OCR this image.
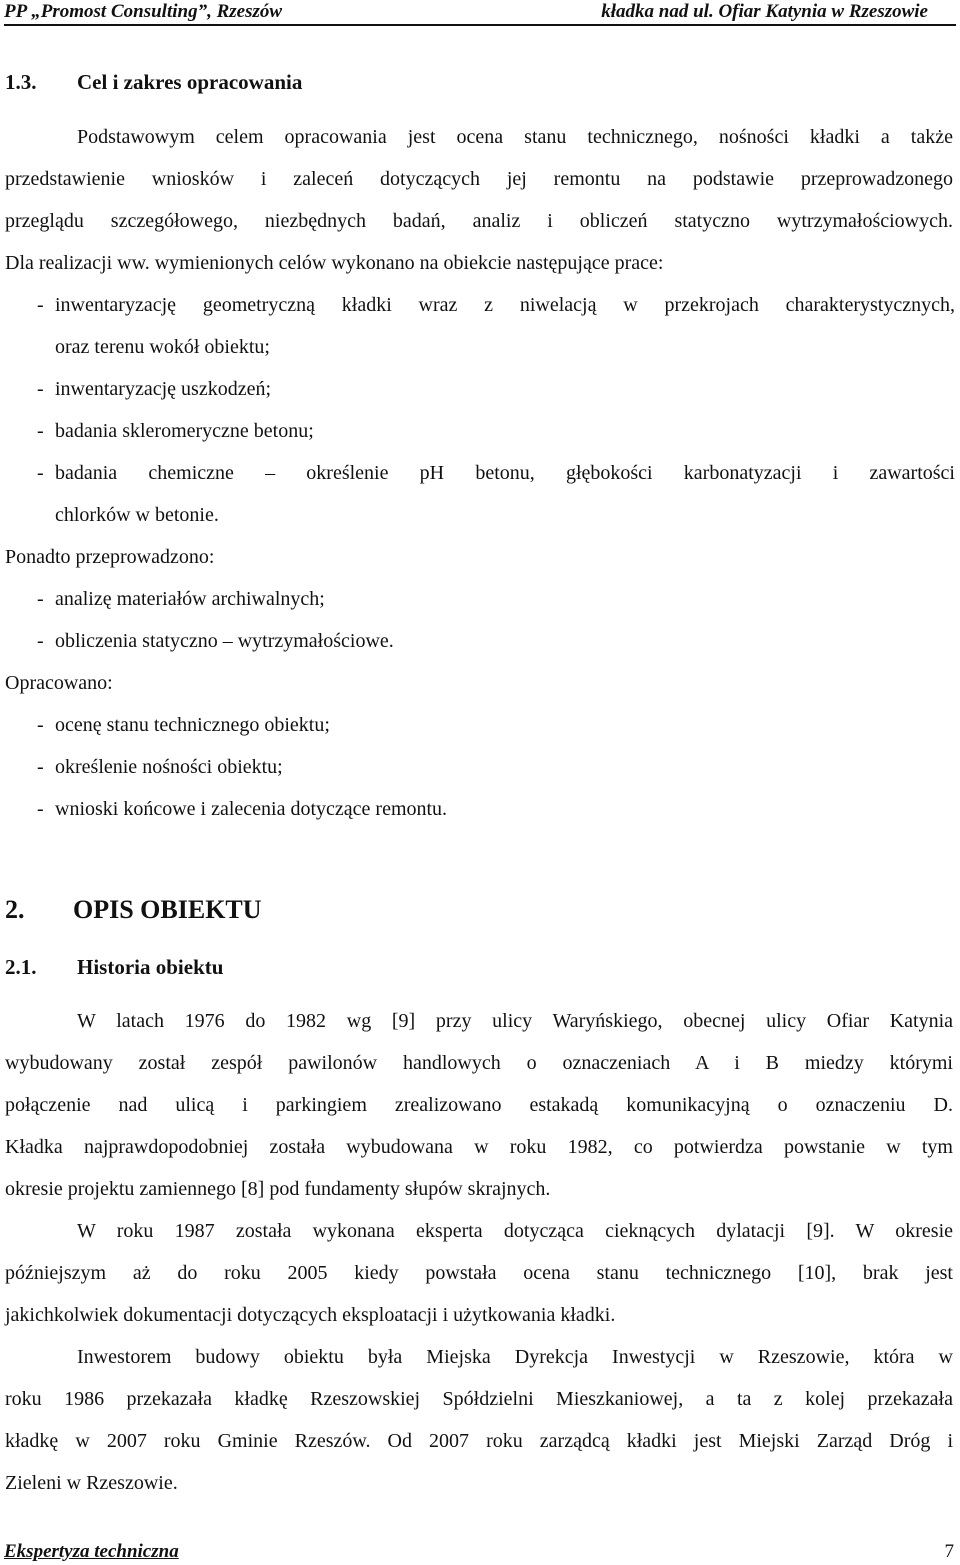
PP „Promost Consulting”, Rzeszów	kładka nad ul. Ofiar Katynia w Rzeszowie
1.3. Cel i zakres opracowania
Podstawowym celem opracowania jest ocena stanu technicznego, nośności kładki a także
przedstawienie wniosków i zaleceń dotyczących jej remontu na podstawie przeprowadzonego
przeglądu szczegółowego, niezbędnych badań, analiz i obliczeń statyczno wytrzymałościowych.
Dla realizacji ww. wymienionych celów wykonano na obiekcie następujące prace:
- inwentaryzację geometryczną kładki wraz z niwelacją w przekrojach charakterystycznych,
oraz terenu wokół obiektu;
- inwentaryzację uszkodzeń;
- badania skleromeryczne betonu;
- badania chemiczne – określenie pH betonu, głębokości karbonatyzacji i zawartości
chlorków w betonie.
Ponadto przeprowadzono:
- analizę materiałów archiwalnych;
- obliczenia statyczno – wytrzymałościowe.
Opracowano:
- ocenę stanu technicznego obiektu;
- określenie nośności obiektu;
- wnioski końcowe i zalecenia dotyczące remontu.
2. OPIS OBIEKTU
2.1. Historia obiektu
W latach 1976 do 1982 wg [9] przy ulicy Waryńskiego, obecnej ulicy Ofiar Katynia
wybudowany został zespół pawilonów handlowych o oznaczeniach A i B miedzy którymi
połączenie nad ulicą i parkingiem zrealizowano estakadą komunikacyjną o oznaczeniu D.
Kładka najprawdopodobniej została wybudowana w roku 1982, co potwierdza powstanie w tym
okresie projektu zamiennego [8] pod fundamenty słupów skrajnych.
W roku 1987 została wykonana eksperta dotycząca cieknących dylatacji [9]. W okresie
późniejszym aż do roku 2005 kiedy powstała ocena stanu technicznego [10], brak jest
jakichkolwiek dokumentacji dotyczących eksploatacji i użytkowania kładki.
Inwestorem budowy obiektu była Miejska Dyrekcja Inwestycji w Rzeszowie, która w
roku 1986 przekazała kładkę Rzeszowskiej Spółdzielni Mieszkaniowej, a ta z kolej przekazała
kładkę w 2007 roku Gminie Rzeszów. Od 2007 roku zarządcą kładki jest Miejski Zarząd Dróg i
Zieleni w Rzeszowie.
Ekspertyza techniczna	7
